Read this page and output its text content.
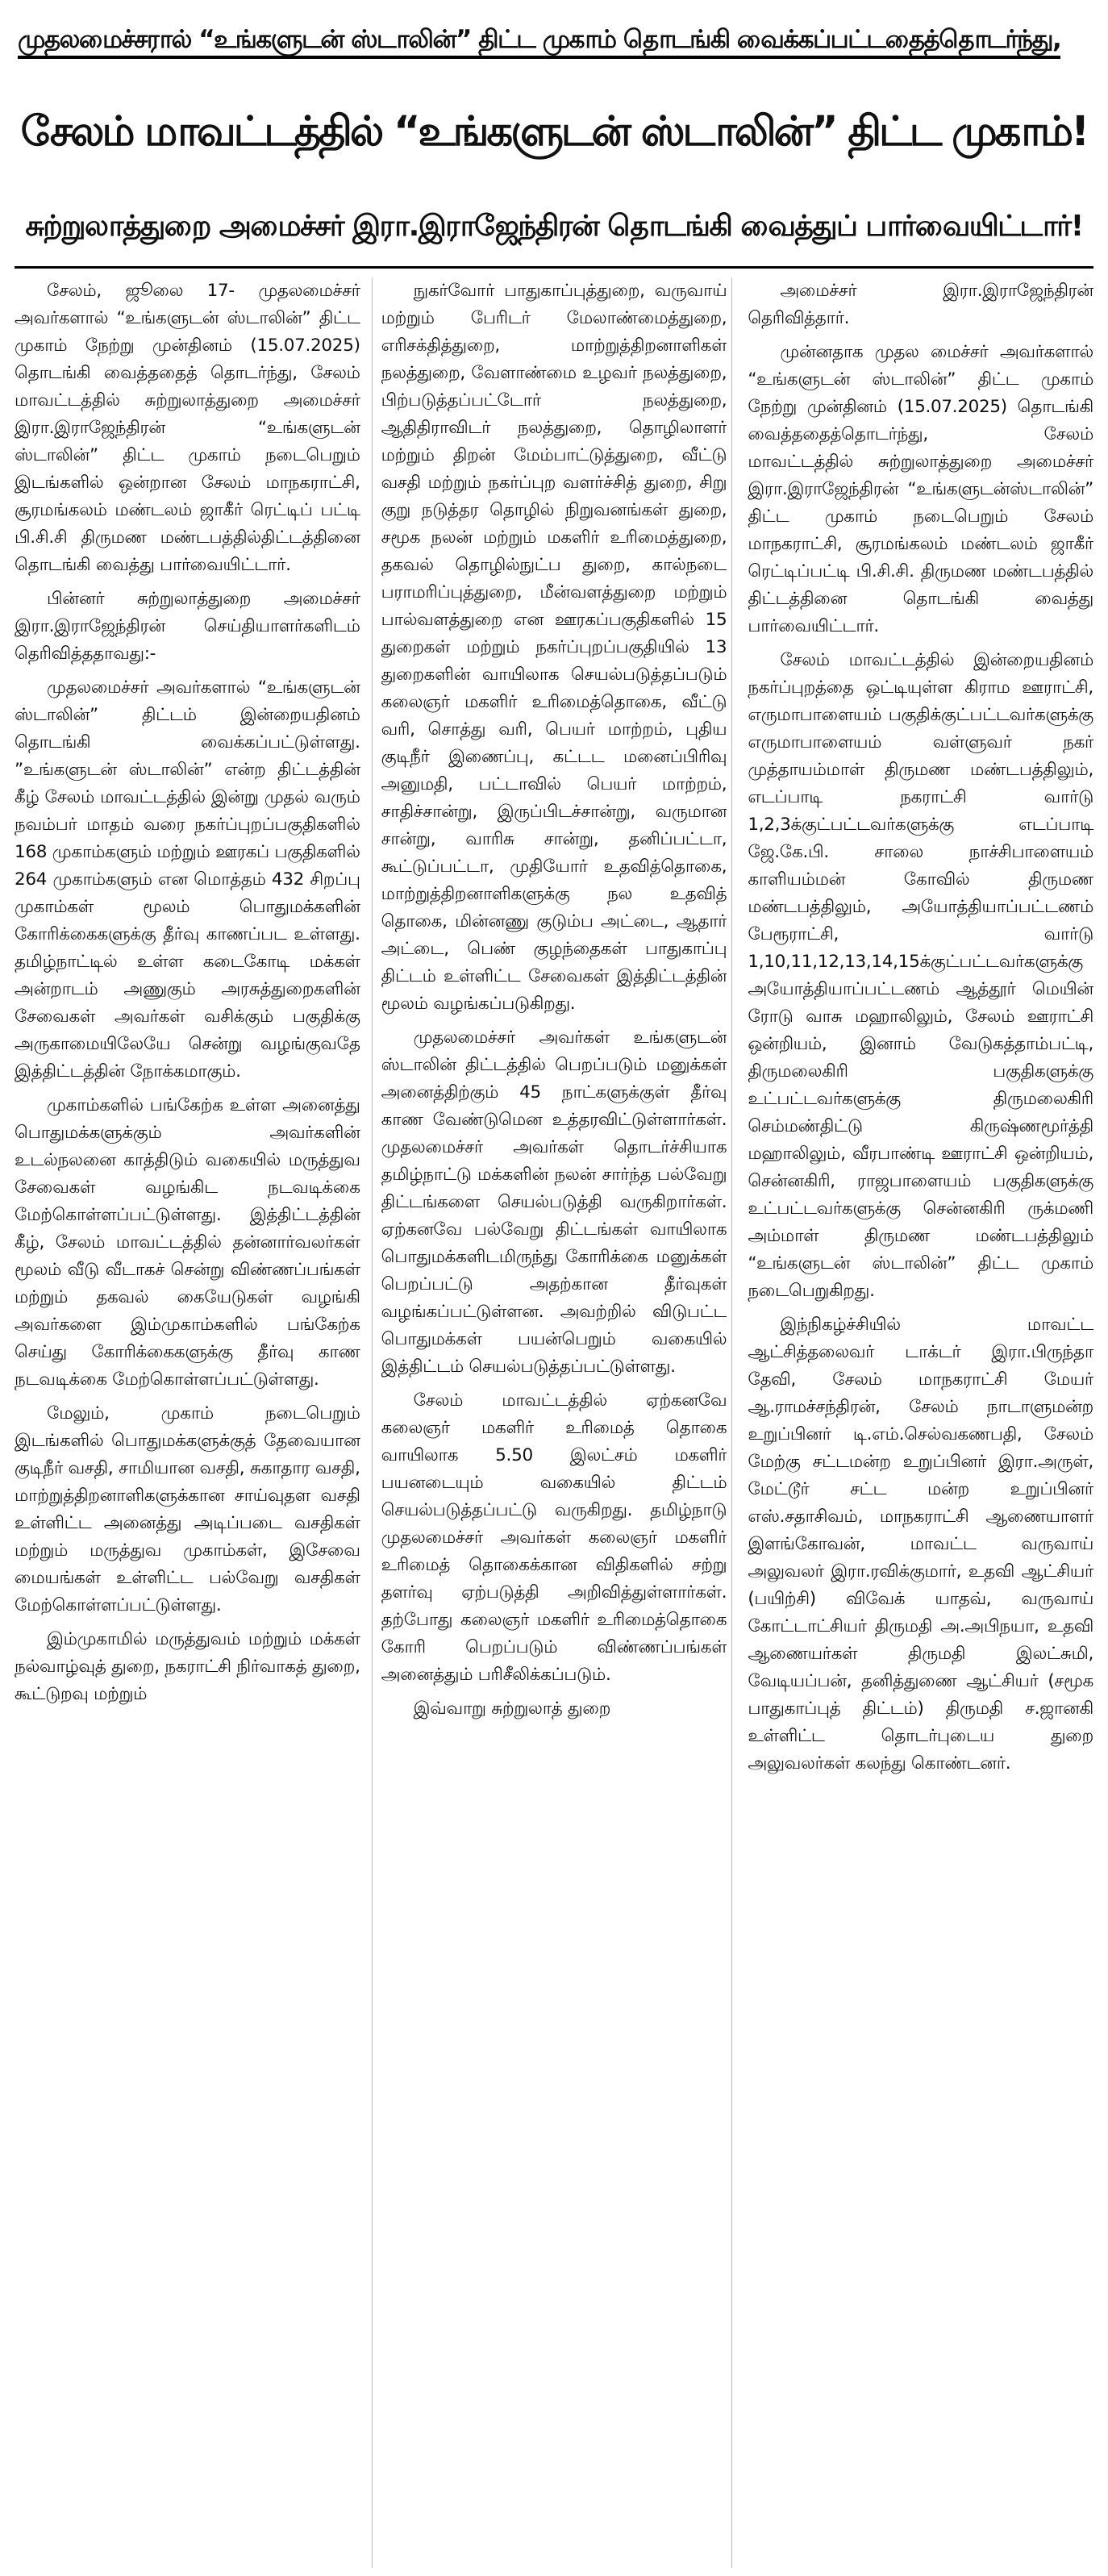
முதலமைச்சரால் “உங்களுடன் ஸ்டாலின்” திட்ட முகாம் தொடங்கி வைக்கப்பட்டதைத்தொடர்ந்து,
சேலம் மாவட்டத்தில் “உங்களுடன் ஸ்டாலின்” திட்ட முகாம்!
சுற்றுலாத்துறை அமைச்சர் இரா.இராஜேந்திரன் தொடங்கி வைத்துப் பார்வையிட்டார்!

சேலம், ஜூலை 17- முதலமைச்சர் அவர்களால் “உங்களுடன் ஸ்டாலின்” திட்ட முகாம் நேற்று முன்தினம் (15.07.2025) தொடங்கி வைத்ததைத் தொடர்ந்து, சேலம் மாவட்டத்தில் சுற்றுலாத்துறை அமைச்சர் இரா.இராஜேந்திரன் “உங்களுடன் ஸ்டாலின்” திட்ட முகாம் நடைபெறும் இடங்களில் ஒன்றான சேலம் மாநகராட்சி, சூரமங்கலம் மண்டலம் ஜாகீர் ரெட்டிப் பட்டி பி.சி.சி திருமண மண்டபத்தில்திட்டத்தினை தொடங்கி வைத்து பார்வையிட்டார்.

பின்னர் சுற்றுலாத்துறை அமைச்சர் இரா.இராஜேந்திரன் செய்தியாளர்களிடம் தெரிவித்ததாவது:-

முதலமைச்சர் அவர்களால் “உங்களுடன் ஸ்டாலின்” திட்டம் இன்றையதினம் தொடங்கி வைக்கப்பட்டுள்ளது. ”உங்களுடன் ஸ்டாலின்” என்ற திட்டத்தின் கீழ் சேலம் மாவட்டத்தில் இன்று முதல் வரும் நவம்பர் மாதம் வரை நகர்ப்புறப்பகுதிகளில் 168 முகாம்களும் மற்றும் ஊரகப் பகுதிகளில் 264 முகாம்களும் என மொத்தம் 432 சிறப்பு முகாம்கள் மூலம் பொதுமக்களின் கோரிக்கைகளுக்கு தீர்வு காணப்பட உள்ளது. தமிழ்நாட்டில் உள்ள கடைகோடி மக்கள் அன்றாடம் அணுகும் அரசுத்துறைகளின் சேவைகள் அவர்கள் வசிக்கும் பகுதிக்கு அருகாமையிலேயே சென்று வழங்குவதே இத்திட்டத்தின் நோக்கமாகும்.

முகாம்களில் பங்கேற்க உள்ள அனைத்து பொதுமக்களுக்கும் அவர்களின் உடல்நலனை காத்திடும் வகையில் மருத்துவ சேவைகள் வழங்கிட நடவடிக்கை மேற்கொள்ளப்பட்டுள்ளது. இத்திட்டத்தின் கீழ், சேலம் மாவட்டத்தில் தன்னார்வலர்கள் மூலம் வீடு வீடாகச் சென்று விண்ணப்பங்கள் மற்றும் தகவல் கையேடுகள் வழங்கி அவர்களை இம்முகாம்களில் பங்கேற்க செய்து கோரிக்கைகளுக்கு தீர்வு காண நடவடிக்கை மேற்கொள்ளப்பட்டுள்ளது.

மேலும், முகாம் நடைபெறும் இடங்களில் பொதுமக்களுக்குத் தேவையான குடிநீர் வசதி, சாமியான வசதி, சுகாதார வசதி, மாற்றுத்திறனாளிகளுக்கான சாய்வுதள வசதி உள்ளிட்ட அனைத்து அடிப்படை வசதிகள் மற்றும் மருத்துவ முகாம்கள், இசேவை மையங்கள் உள்ளிட்ட பல்வேறு வசதிகள் மேற்கொள்ளப்பட்டுள்ளது.

இம்முகாமில் மருத்துவம் மற்றும் மக்கள் நல்வாழ்வுத் துறை, நகராட்சி நிர்வாகத் துறை, கூட்டுறவு மற்றும்

நுகர்வோர் பாதுகாப்புத்துறை, வருவாய் மற்றும் பேரிடர் மேலாண்மைத்துறை, எரிசக்தித்துறை, மாற்றுத்திறனாளிகள் நலத்துறை, வேளாண்மை உழவர் நலத்துறை, பிற்படுத்தப்பட்டோர் நலத்துறை, ஆதிதிராவிடர் நலத்துறை, தொழிலாளர் மற்றும் திறன் மேம்பாட்டுத்துறை, வீட்டு வசதி மற்றும் நகர்ப்புற வளர்ச்சித் துறை, சிறு குறு நடுத்தர தொழில் நிறுவனங்கள் துறை, சமூக நலன் மற்றும் மகளிர் உரிமைத்துறை, தகவல் தொழில்நுட்ப துறை, கால்நடை பராமரிப்புத்துறை, மீன்வளத்துறை மற்றும் பால்வளத்துறை என ஊரகப்பகுதிகளில் 15 துறைகள் மற்றும் நகர்ப்புறப்பகுதியில் 13 துறைகளின் வாயிலாக செயல்படுத்தப்படும் கலைஞர் மகளிர் உரிமைத்தொகை, வீட்டு வரி, சொத்து வரி, பெயர் மாற்றம், புதிய குடிநீர் இணைப்பு, கட்டட மனைப்பிரிவு அனுமதி, பட்டாவில் பெயர் மாற்றம், சாதிச்சான்று, இருப்பிடச்சான்று, வருமான சான்று, வாரிசு சான்று, தனிப்பட்டா, கூட்டுப்பட்டா, முதியோர் உதவித்தொகை, மாற்றுத்திறனாளிகளுக்கு நல உதவித் தொகை, மின்னணு குடும்ப அட்டை, ஆதார் அட்டை, பெண் குழந்தைகள் பாதுகாப்பு திட்டம் உள்ளிட்ட சேவைகள் இத்திட்டத்தின் மூலம் வழங்கப்படுகிறது.

முதலமைச்சர் அவர்கள் உங்களுடன் ஸ்டாலின் திட்டத்தில் பெறப்படும் மனுக்கள் அனைத்திற்கும் 45 நாட்களுக்குள் தீர்வு காண வேண்டுமென உத்தரவிட்டுள்ளார்கள். முதலமைச்சர் அவர்கள் தொடர்ச்சியாக தமிழ்நாட்டு மக்களின் நலன் சார்ந்த பல்வேறு திட்டங்களை செயல்படுத்தி வருகிறார்கள். ஏற்கனவே பல்வேறு திட்டங்கள் வாயிலாக பொதுமக்களிடமிருந்து கோரிக்கை மனுக்கள் பெறப்பட்டு அதற்கான தீர்வுகள் வழங்கப்பட்டுள்ளன. அவற்றில் விடுபட்ட பொதுமக்கள் பயன்பெறும் வகையில் இத்திட்டம் செயல்படுத்தப்பட்டுள்ளது.

சேலம் மாவட்டத்தில் ஏற்கனவே கலைஞர் மகளிர் உரிமைத் தொகை வாயிலாக 5.50 இலட்சம் மகளிர் பயனடையும் வகையில் திட்டம் செயல்படுத்தப்பட்டு வருகிறது. தமிழ்நாடு முதலமைச்சர் அவர்கள் கலைஞர் மகளிர் உரிமைத் தொகைக்கான விதிகளில் சற்று தளர்வு ஏற்படுத்தி அறிவித்துள்ளார்கள். தற்போது கலைஞர் மகளிர் உரிமைத்தொகை கோரி பெறப்படும் விண்ணப்பங்கள் அனைத்தும் பரிசீலிக்கப்படும்.

இவ்வாறு சுற்றுலாத் துறை

அமைச்சர் இரா.இராஜேந்திரன் தெரிவித்தார்.

முன்னதாக முதல மைச்சர் அவர்களால் “உங்களுடன் ஸ்டாலின்” திட்ட முகாம் நேற்று முன்தினம் (15.07.2025) தொடங்கி வைத்ததைத்தொடர்ந்து, சேலம் மாவட்டத்தில் சுற்றுலாத்துறை அமைச்சர் இரா.இராஜேந்திரன் “உங்களுடன்ஸ்டாலின்” திட்ட முகாம் நடைபெறும் சேலம் மாநகராட்சி, சூரமங்கலம் மண்டலம் ஜாகீர் ரெட்டிப்பட்டி பி.சி.சி. திருமண மண்டபத்தில் திட்டத்தினை தொடங்கி வைத்து பார்வையிட்டார்.

சேலம் மாவட்டத்தில் இன்றையதினம் நகர்ப்புறத்தை ஒட்டியுள்ள கிராம ஊராட்சி, எருமாபாளையம் பகுதிக்குட்பட்டவர்களுக்கு எருமாபாளையம் வள்ளுவர் நகர் முத்தாயம்மாள் திருமண மண்டபத்திலும், எடப்பாடி நகராட்சி வார்டு 1,2,3க்குட்பட்டவர்களுக்கு எடப்பாடி ஜே.கே.பி. சாலை நாச்சிபாளையம் காளியம்மன் கோவில் திருமண மண்டபத்திலும், அயோத்தியாப்பட்டணம் பேரூராட்சி, வார்டு 1,10,11,12,13,14,15க்குட்பட்டவர்களுக்கு அயோத்தியாப்பட்டணம் ஆத்தூர் மெயின் ரோடு வாசு மஹாலிலும், சேலம் ஊராட்சி ஒன்றியம், இனாம் வேடுகத்தாம்பட்டி, திருமலைகிரி பகுதிகளுக்கு உட்பட்டவர்களுக்கு திருமலைகிரி செம்மண்திட்டு கிருஷ்ணமூர்த்தி மஹாலிலும், வீரபாண்டி ஊராட்சி ஒன்றியம், சென்னகிரி, ராஜபாளையம் பகுதிகளுக்கு உட்பட்டவர்களுக்கு சென்னகிரி ருக்மணி அம்மாள் திருமண மண்டபத்திலும் “உங்களுடன் ஸ்டாலின்” திட்ட முகாம் நடைபெறுகிறது.

இந்நிகழ்ச்சியில் மாவட்ட ஆட்சித்தலைவர் டாக்டர் இரா.பிருந்தா தேவி, சேலம் மாநகராட்சி மேயர் ஆ.ராமச்சந்திரன், சேலம் நாடாளுமன்ற உறுப்பினர் டி.எம்.செல்வகணபதி, சேலம் மேற்கு சட்டமன்ற உறுப்பினர் இரா.அருள், மேட்டூர் சட்ட மன்ற உறுப்பினர் எஸ்.சதாசிவம், மாநகராட்சி ஆணையாளர் இளங்கோவன், மாவட்ட வருவாய் அலுவலர் இரா.ரவிக்குமார், உதவி ஆட்சியர் (பயிற்சி) விவேக் யாதவ், வருவாய் கோட்டாட்சியர் திருமதி அ.அபிநயா, உதவி ஆணையர்கள் திருமதி இலட்சுமி, வேடியப்பன், தனித்துணை ஆட்சியர் (சமூக பாதுகாப்புத் திட்டம்) திருமதி ச.ஜானகி உள்ளிட்ட தொடர்புடைய துறை அலுவலர்கள் கலந்து கொண்டனர்.
